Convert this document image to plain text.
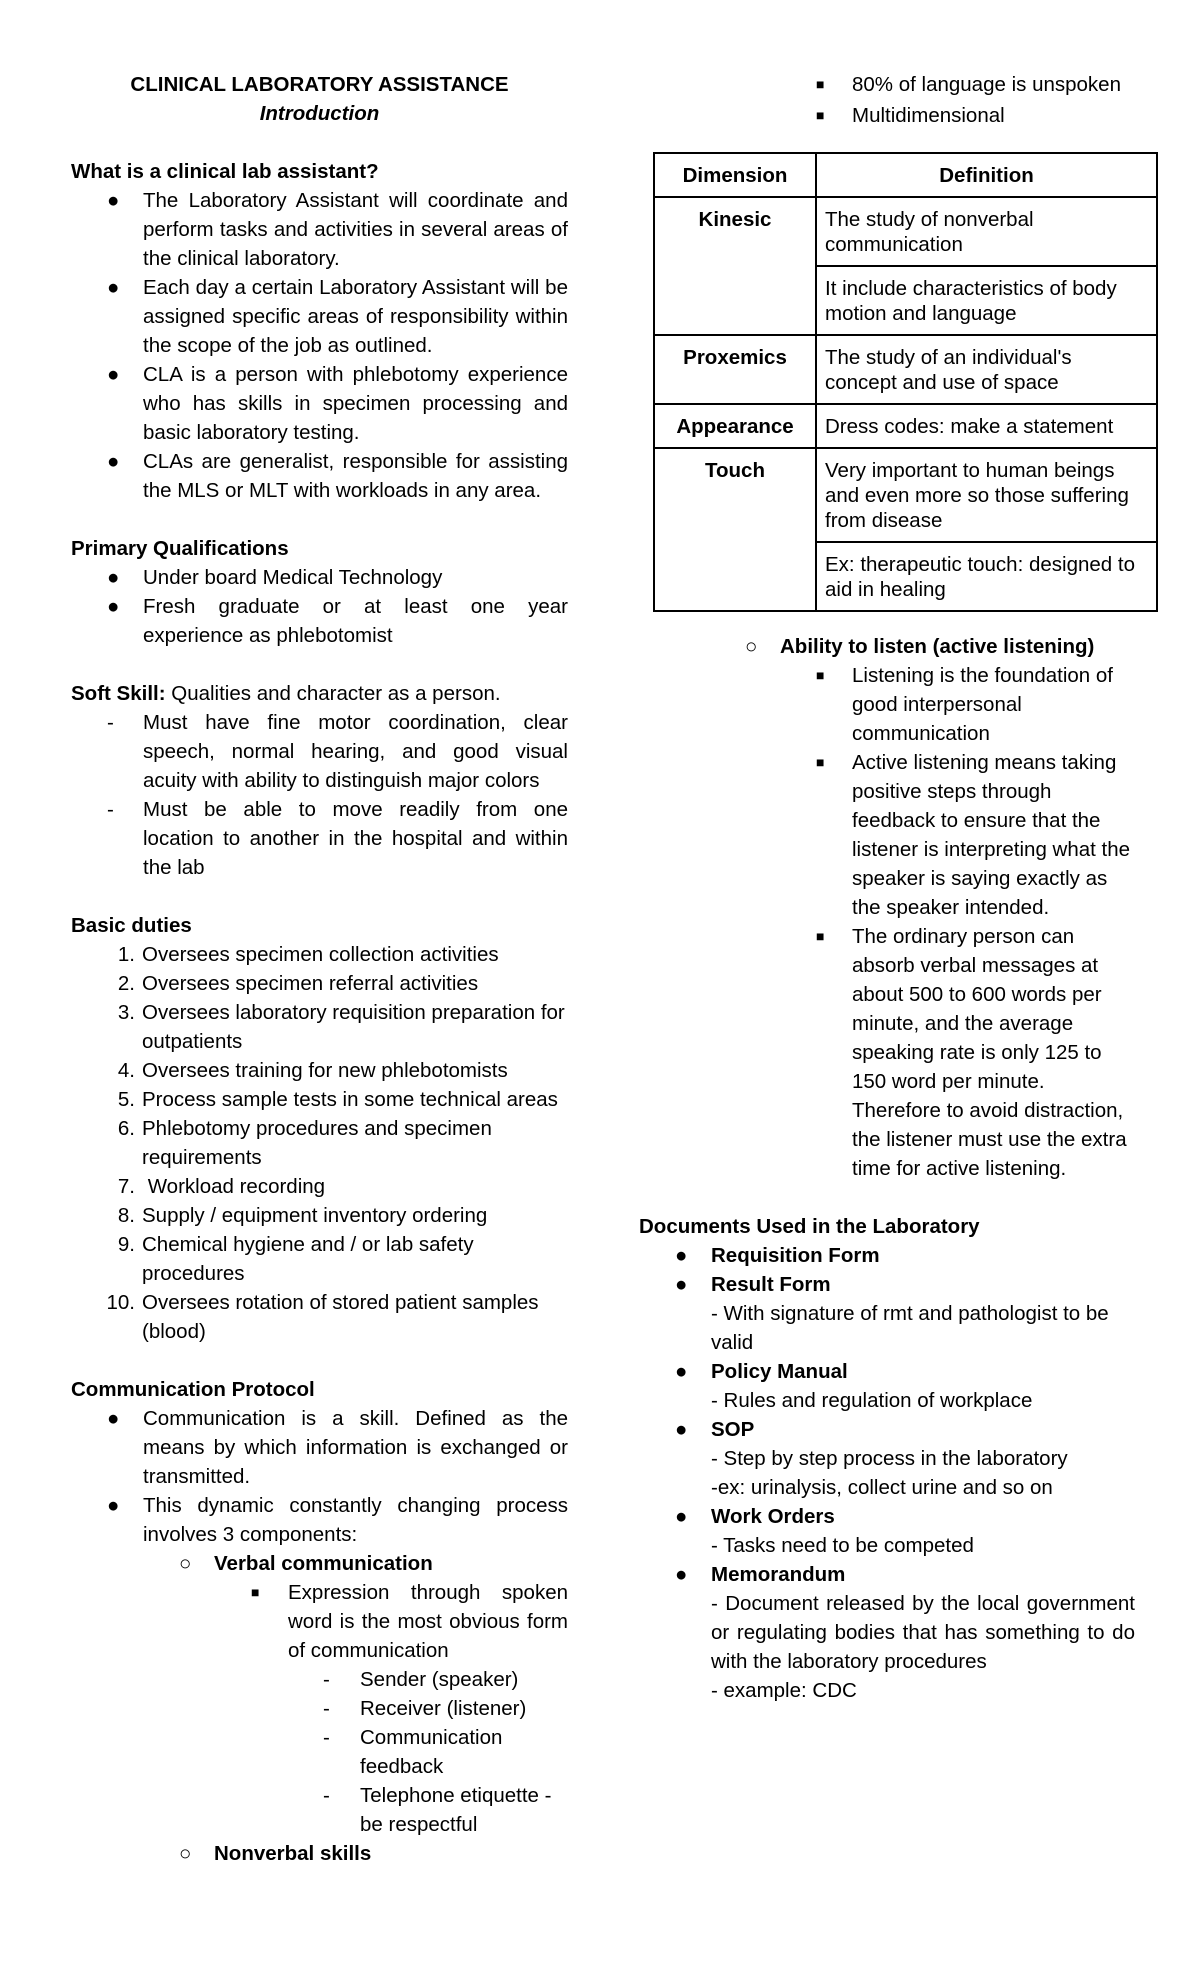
CLINICAL LABORATORY ASSISTANCE
Introduction
What is a clinical lab assistant?
●	The Laboratory Assistant will coordinate and perform tasks and activities in several areas of the clinical laboratory.
●	Each day a certain Laboratory Assistant will be assigned specific areas of responsibility within the scope of the job as outlined.
●	CLA is a person with phlebotomy experience who has skills in specimen processing and basic laboratory testing.
●	CLAs are generalist, responsible for assisting the MLS or MLT with workloads in any area.
Primary Qualifications
●	Under board Medical Technology
●	Fresh graduate or at least one year experience as phlebotomist
Soft Skill: Qualities and character as a person.
-	Must have fine motor coordination, clear speech, normal hearing, and good visual acuity with ability to distinguish major colors
-	Must be able to move readily from one location to another in the hospital and within the lab
Basic duties
1. Oversees specimen collection activities
2. Oversees specimen referral activities
3. Oversees laboratory requisition preparation for outpatients
4. Oversees training for new phlebotomists
5. Process sample tests in some technical areas
6. Phlebotomy procedures and specimen requirements
7. Workload recording
8. Supply / equipment inventory ordering
9. Chemical hygiene and / or lab safety procedures
10. Oversees rotation of stored patient samples (blood)
Communication Protocol
●	Communication is a skill. Defined as the means by which information is exchanged or transmitted.
●	This dynamic constantly changing process involves 3 components:
○	Verbal communication
■	Expression through spoken word is the most obvious form of communication
-	Sender (speaker)
-	Receiver (listener)
-	Communication feedback
-	Telephone etiquette - be respectful
○	Nonverbal skills
■	80% of language is unspoken
■	Multidimensional
Dimension	Definition
Kinesic	The study of nonverbal communication
	It include characteristics of body motion and language
Proxemics	The study of an individual's concept and use of space
Appearance	Dress codes: make a statement
Touch	Very important to human beings and even more so those suffering from disease
	Ex: therapeutic touch: designed to aid in healing
○	Ability to listen (active listening)
■	Listening is the foundation of good interpersonal communication
■	Active listening means taking positive steps through feedback to ensure that the listener is interpreting what the speaker is saying exactly as the speaker intended.
■	The ordinary person can absorb verbal messages at about 500 to 600 words per minute, and the average speaking rate is only 125 to 150 word per minute. Therefore to avoid distraction, the listener must use the extra time for active listening.
Documents Used in the Laboratory
●	Requisition Form
●	Result Form
- With signature of rmt and pathologist to be valid
●	Policy Manual
- Rules and regulation of workplace
●	SOP
- Step by step process in the laboratory
-ex: urinalysis, collect urine and so on
●	Work Orders
- Tasks need to be competed
●	Memorandum
- Document released by the local government or regulating bodies that has something to do with the laboratory procedures
- example: CDC
